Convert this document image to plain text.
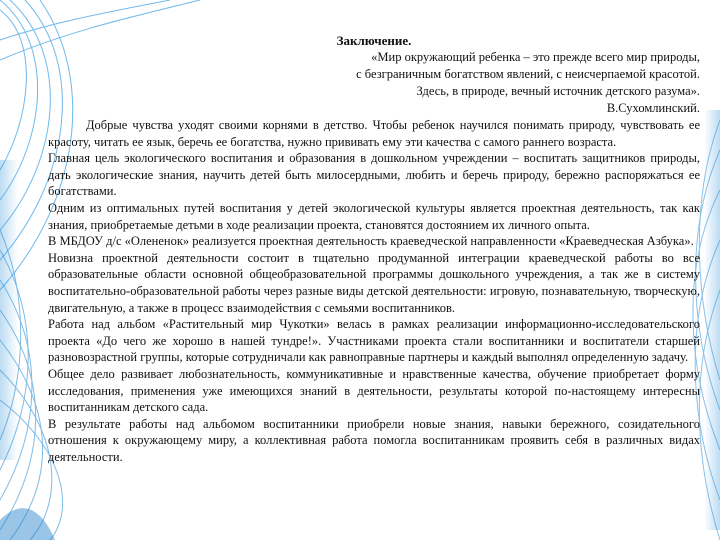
Заключение.
«Мир окружающий ребенка – это прежде всего мир природы,
с безграничным богатством явлений, с неисчерпаемой красотой.
Здесь, в природе, вечный источник детского разума».
В.Сухомлинский.

Добрые чувства уходят своими корнями в детство. Чтобы ребенок научился понимать природу, чувствовать ее красоту, читать ее язык, беречь ее богатства, нужно прививать ему эти качества с самого раннего возраста.

Главная цель экологического воспитания и образования в дошкольном учреждении – воспитать защитников природы, дать экологические знания, научить детей быть милосердными, любить и беречь природу, бережно распоряжаться ее богатствами.

Одним из оптимальных путей воспитания у детей экологической культуры является проектная деятельность, так как знания, приобретаемые детьми в ходе реализации проекта, становятся достоянием их личного опыта.

В МБДОУ д/с «Олененок» реализуется проектная деятельность краеведческой направленности «Краеведческая Азбука».

Новизна проектной деятельности состоит в тщательно продуманной интеграции краеведческой работы во все образовательные области основной общеобразовательной программы дошкольного учреждения, а так же в систему воспитательно-образовательной работы через разные виды детской деятельности: игровую, познавательную, творческую, двигательную, а также в процесс взаимодействия с семьями воспитанников.

Работа над альбом «Растительный мир Чукотки» велась в рамках реализации информационно-исследовательского проекта «До чего же хорошо в нашей тундре!». Участниками проекта стали воспитанники и воспитатели старшей разновозрастной группы, которые сотрудничали как равноправные партнеры и каждый выполнял определенную задачу.

Общее дело развивает любознательность, коммуникативные и нравственные качества, обучение приобретает форму исследования, применения уже имеющихся знаний в деятельности, результаты которой по-настоящему интересны воспитанникам детского сада.

В результате работы над альбомом воспитанники приобрели новые знания, навыки бережного, созидательного отношения к окружающему миру, а коллективная работа помогла воспитанникам проявить себя в различных видах деятельности.
